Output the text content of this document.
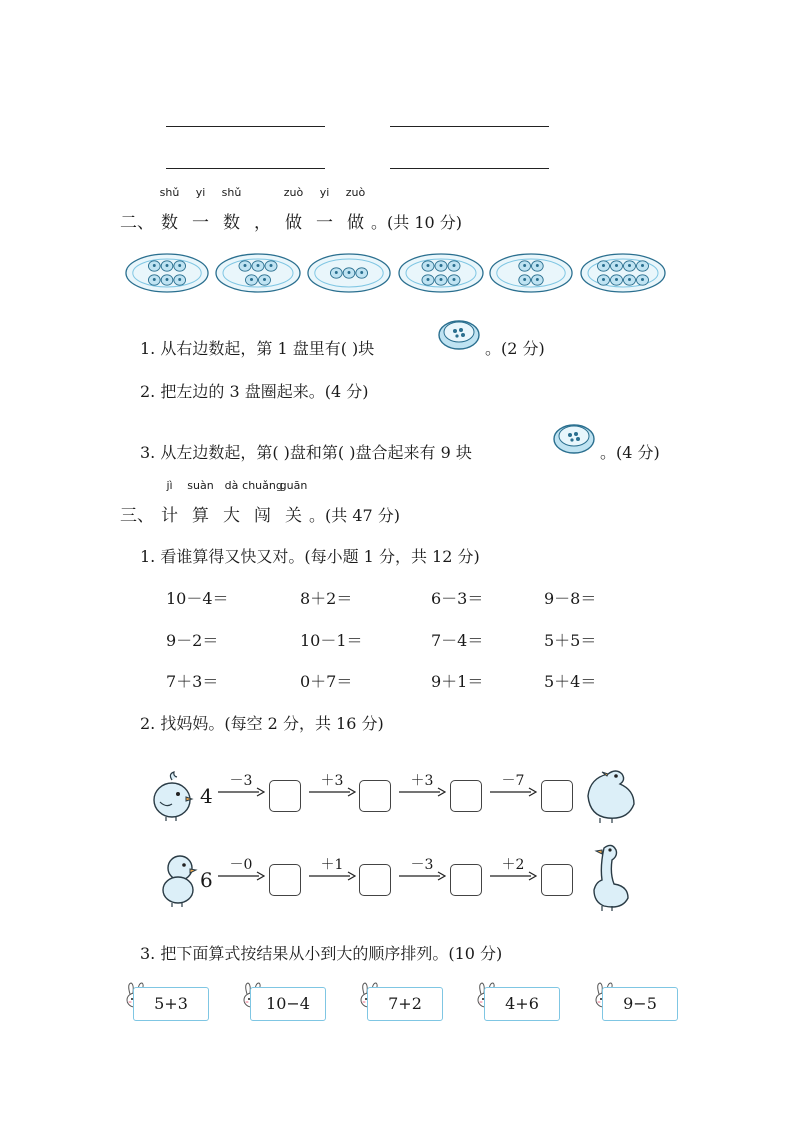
二、 数
shǔ
一
yi
数
shǔ
， 做
zuò
一
yi
做
zuò
。(共 10 分)
1. 从右边数起，第 1 盘里有( )块	。(2 分)
2. 把左边的 3 盘圈起来。(4 分)
3. 从左边数起，第( )盘和第( )盘合起来有 9 块	。(4 分)
三、 计
jì
算
suàn
大
dà
闯
chuǎng
关
guān
。(共 47 分)
1. 看谁算得又快又对。(每小题 1 分，共 12 分)
10－4＝	8＋2＝	6－3＝	9－8＝
9－2＝	10－1＝	7－4＝	5＋5＝
7＋3＝	0＋7＝	9＋1＝	5＋4＝
2. 找妈妈。(每空 2 分，共 16 分)
4
－3	＋3	＋3	－7
6
－0	＋1	－3	＋2
3. 把下面算式按结果从小到大的顺序排列。(10 分)
5+3	10−4	7+2	4+6	9−5
